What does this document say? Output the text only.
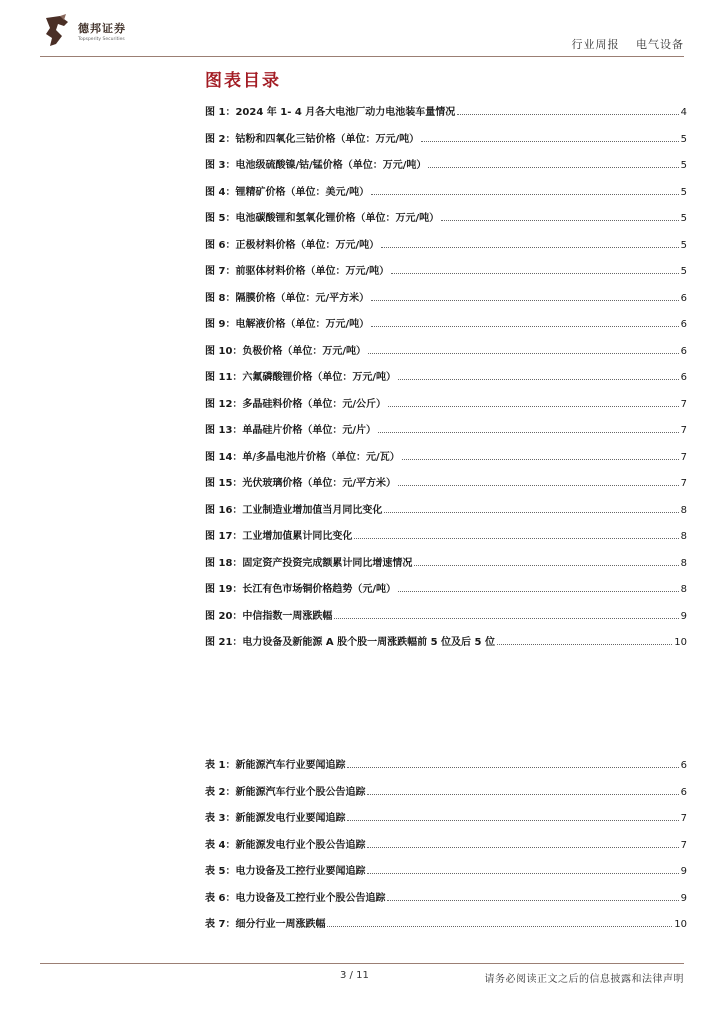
德邦证券
Topsperity Securities	行业周报 电气设备
图表目录
图 1：2024 年 1- 4 月各大电池厂动力电池装车量情况	4
图 2：钴粉和四氧化三钴价格（单位：万元/吨）	5
图 3：电池级硫酸镍/钴/锰价格（单位：万元/吨）	5
图 4：锂精矿价格（单位：美元/吨）	5
图 5：电池碳酸锂和氢氧化锂价格（单位：万元/吨）	5
图 6：正极材料价格（单位：万元/吨）	5
图 7：前驱体材料价格（单位：万元/吨）	5
图 8：隔膜价格（单位：元/平方米）	6
图 9：电解液价格（单位：万元/吨）	6
图 10：负极价格（单位：万元/吨）	6
图 11：六氟磷酸锂价格（单位：万元/吨）	6
图 12：多晶硅料价格（单位：元/公斤）	7
图 13：单晶硅片价格（单位：元/片）	7
图 14：单/多晶电池片价格（单位：元/瓦）	7
图 15：光伏玻璃价格（单位：元/平方米）	7
图 16：工业制造业增加值当月同比变化	8
图 17：工业增加值累计同比变化	8
图 18：固定资产投资完成额累计同比增速情况	8
图 19：长江有色市场铜价格趋势（元/吨）	8
图 20：中信指数一周涨跌幅	9
图 21：电力设备及新能源 A 股个股一周涨跌幅前 5 位及后 5 位	10
表 1：新能源汽车行业要闻追踪	6
表 2：新能源汽车行业个股公告追踪	6
表 3：新能源发电行业要闻追踪	7
表 4：新能源发电行业个股公告追踪	7
表 5：电力设备及工控行业要闻追踪	9
表 6：电力设备及工控行业个股公告追踪	9
表 7：细分行业一周涨跌幅	10
3 / 11	请务必阅读正文之后的信息披露和法律声明
